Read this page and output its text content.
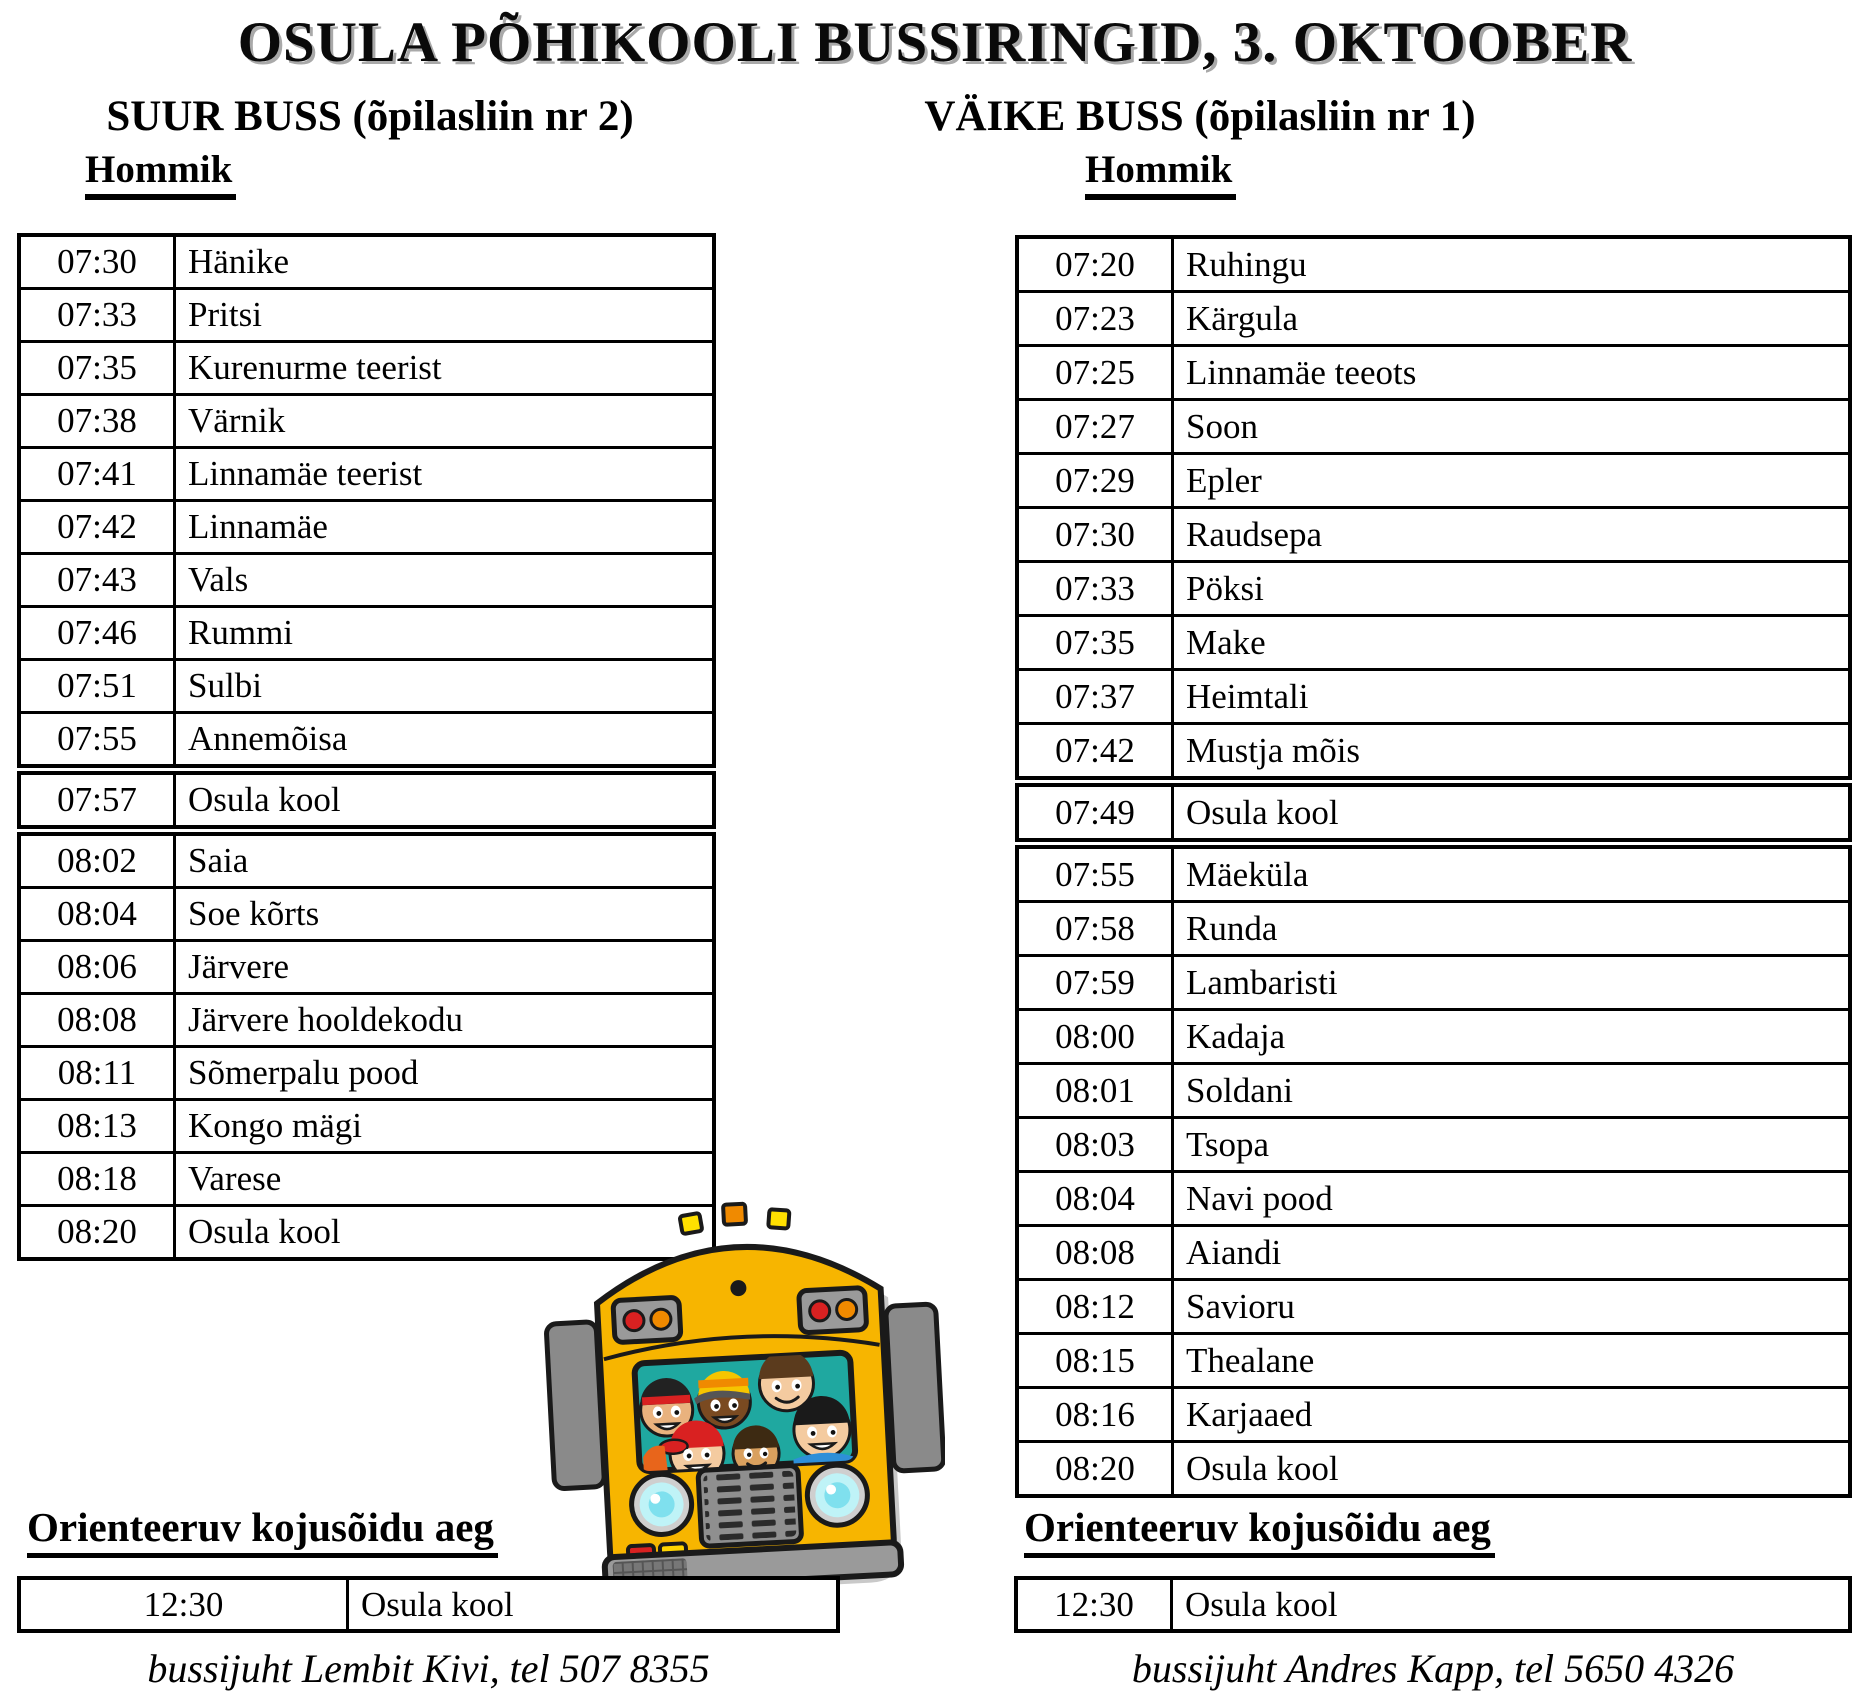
OSULA PÕHIKOOLI BUSSIRINGID, 3. OKTOOBER
SUUR BUSS (õpilasliin nr 2)	VÄIKE BUSS (õpilasliin nr 1)
Hommik	Hommik
07:30	Hänike
07:33	Pritsi
07:35	Kurenurme teerist
07:38	Värnik
07:41	Linnamäe teerist
07:42	Linnamäe
07:43	Vals
07:46	Rummi
07:51	Sulbi
07:55	Annemõisa
07:57	Osula kool
08:02	Saia
08:04	Soe kõrts
08:06	Järvere
08:08	Järvere hooldekodu
08:11	Sõmerpalu pood
08:13	Kongo mägi
08:18	Varese
08:20	Osula kool
07:20	Ruhingu
07:23	Kärgula
07:25	Linnamäe teeots
07:27	Soon
07:29	Epler
07:30	Raudsepa
07:33	Pöksi
07:35	Make
07:37	Heimtali
07:42	Mustja mõis
07:49	Osula kool
07:55	Mäeküla
07:58	Runda
07:59	Lambaristi
08:00	Kadaja
08:01	Soldani
08:03	Tsopa
08:04	Navi pood
08:08	Aiandi
08:12	Savioru
08:15	Thealane
08:16	Karjaaed
08:20	Osula kool
Orienteeruv kojusõidu aeg	Orienteeruv kojusõidu aeg
12:30	Osula kool	12:30	Osula kool
bussijuht Lembit Kivi, tel 507 8355	bussijuht Andres Kapp, tel 5650 4326
